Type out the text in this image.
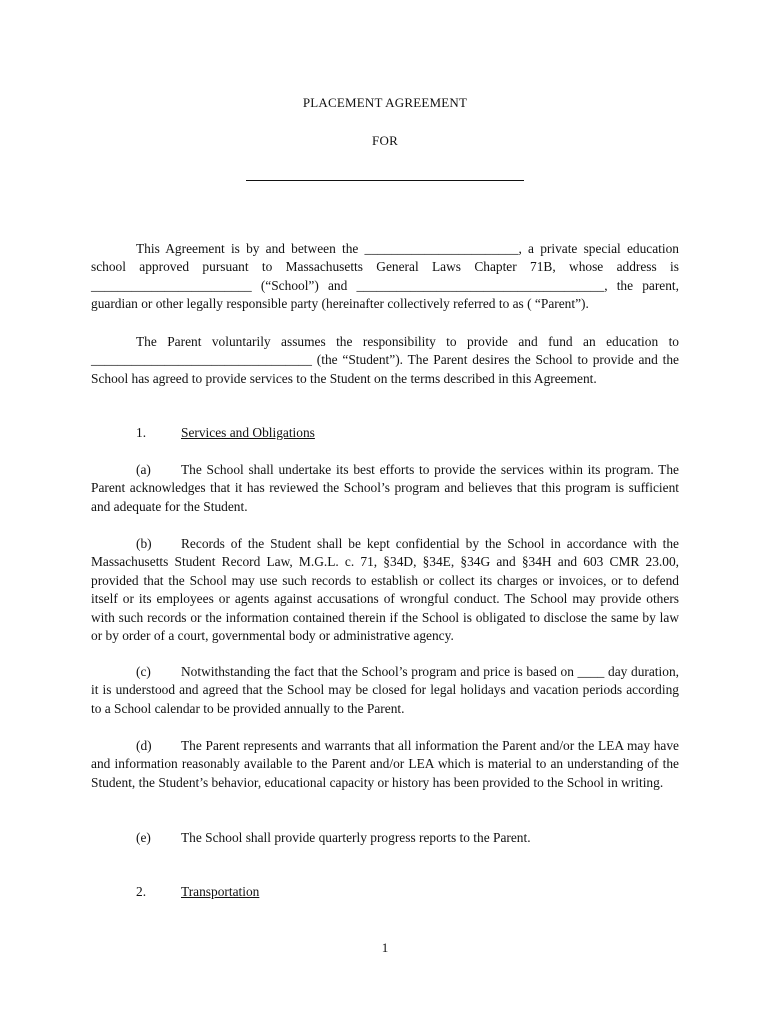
PLACEMENT AGREEMENT
FOR
This Agreement is by and between the _______________________, a private special education school approved pursuant to Massachusetts General Laws Chapter 71B, whose address is ________________________ (“School”) and _____________________________________, the parent, guardian or other legally responsible party (hereinafter collectively referred to as ( “Parent”).
The Parent voluntarily assumes the responsibility to provide and fund an education to _________________________________ (the “Student”). The Parent desires the School to provide and the School has agreed to provide services to the Student on the terms described in this Agreement.
1.	Services and Obligations
(a) The School shall undertake its best efforts to provide the services within its program. The Parent acknowledges that it has reviewed the School’s program and believes that this program is sufficient and adequate for the Student.
(b) Records of the Student shall be kept confidential by the School in accordance with the Massachusetts Student Record Law, M.G.L. c. 71, §34D, §34E, §34G and §34H and 603 CMR 23.00, provided that the School may use such records to establish or collect its charges or invoices, or to defend itself or its employees or agents against accusations of wrongful conduct. The School may provide others with such records or the information contained therein if the School is obligated to disclose the same by law or by order of a court, governmental body or administrative agency.
(c) Notwithstanding the fact that the School’s program and price is based on ____ day duration, it is understood and agreed that the School may be closed for legal holidays and vacation periods according to a School calendar to be provided annually to the Parent.
(d) The Parent represents and warrants that all information the Parent and/or the LEA may have and information reasonably available to the Parent and/or LEA which is material to an understanding of the Student, the Student’s behavior, educational capacity or history has been provided to the School in writing.
(e) The School shall provide quarterly progress reports to the Parent.
2.	Transportation
1
